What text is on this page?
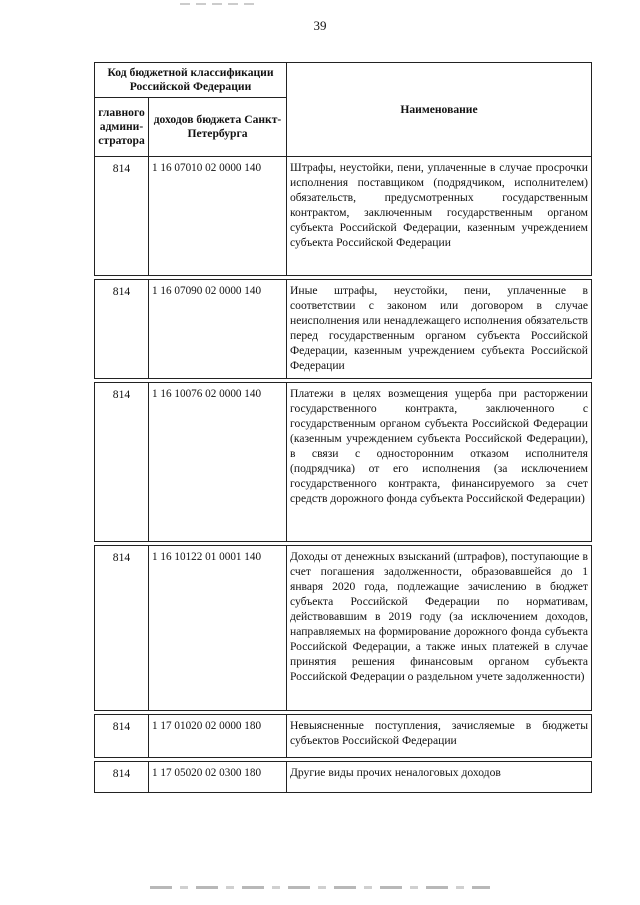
39
Код бюджетной классификации Российской Федерации		Наименование
главного админи-стратора	доходов бюджета Санкт-Петербурга	
814	1 16 07010 02 0000 140	Штрафы, неустойки, пени, уплаченные в случае просрочки исполнения поставщиком (подрядчиком, исполнителем) обязательств, предусмотренных государственным контрактом, заключенным государственным органом субъекта Российской Федерации, казенным учреждением субъекта Российской Федерации

814	1 16 07090 02 0000 140	Иные штрафы, неустойки, пени, уплаченные в соответствии с законом или договором в случае неисполнения или ненадлежащего исполнения обязательств перед государственным органом субъекта Российской Федерации, казенным учреждением субъекта Российской Федерации

814	1 16 10076 02 0000 140	Платежи в целях возмещения ущерба при расторжении государственного контракта, заключенного с государственным органом субъекта Российской Федерации (казенным учреждением субъекта Российской Федерации), в связи с односторонним отказом исполнителя (подрядчика) от его исполнения (за исключением государственного контракта, финансируемого за счет средств дорожного фонда субъекта Российской Федерации)

814	1 16 10122 01 0001 140	Доходы от денежных взысканий (штрафов), поступающие в счет погашения задолженности, образовавшейся до 1 января 2020 года, подлежащие зачислению в бюджет субъекта Российской Федерации по нормативам, действовавшим в 2019 году (за исключением доходов, направляемых на формирование дорожного фонда субъекта Российской Федерации, а также иных платежей в случае принятия решения финансовым органом субъекта Российской Федерации о раздельном учете задолженности)

814	1 17 01020 02 0000 180	Невыясненные поступления, зачисляемые в бюджеты субъектов Российской Федерации

814	1 17 05020 02 0300 180	Другие виды прочих неналоговых доходов
